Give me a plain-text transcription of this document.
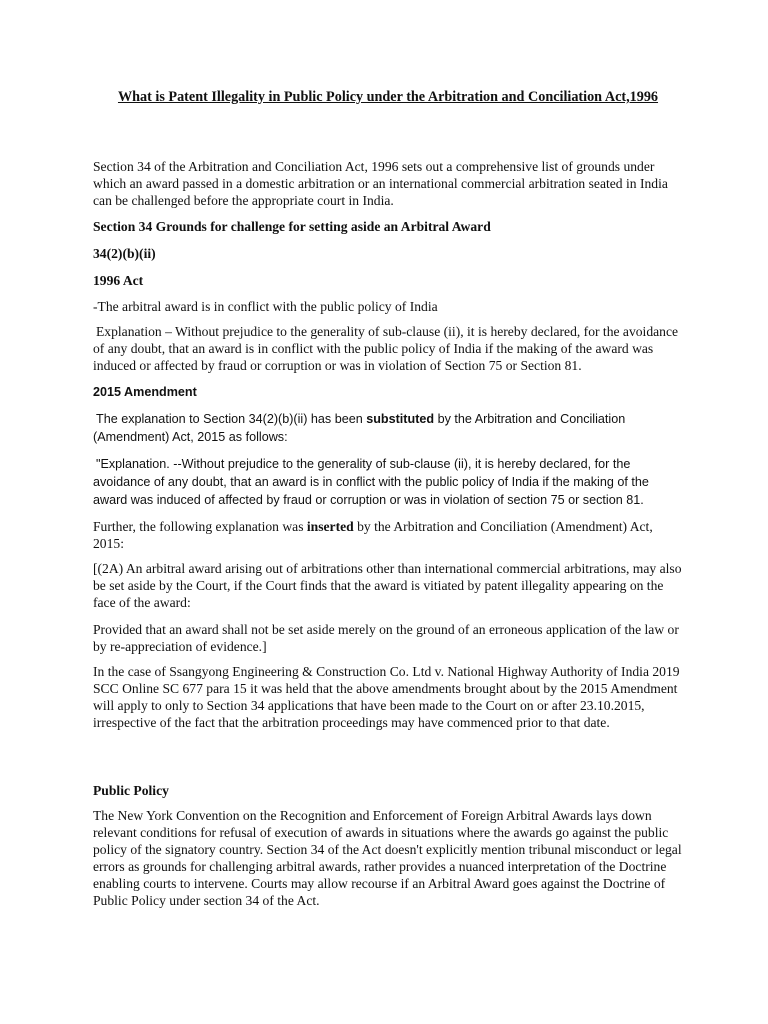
What is Patent Illegality in Public Policy under the Arbitration and Conciliation Act,1996

Section 34 of the Arbitration and Conciliation Act, 1996 sets out a comprehensive list of grounds under which an award passed in a domestic arbitration or an international commercial arbitration seated in India can be challenged before the appropriate court in India.

Section 34 Grounds for challenge for setting aside an Arbitral Award

34(2)(b)(ii)

1996 Act

-The arbitral award is in conflict with the public policy of India

Explanation – Without prejudice to the generality of sub-clause (ii), it is hereby declared, for the avoidance of any doubt, that an award is in conflict with the public policy of India if the making of the award was induced or affected by fraud or corruption or was in violation of Section 75 or Section 81.

2015 Amendment

The explanation to Section 34(2)(b)(ii) has been substituted by the Arbitration and Conciliation (Amendment) Act, 2015 as follows:

"Explanation. --Without prejudice to the generality of sub-clause (ii), it is hereby declared, for the avoidance of any doubt, that an award is in conflict with the public policy of India if the making of the award was induced of affected by fraud or corruption or was in violation of section 75 or section 81.

Further, the following explanation was inserted by the Arbitration and Conciliation (Amendment) Act, 2015:

[(2A) An arbitral award arising out of arbitrations other than international commercial arbitrations, may also be set aside by the Court, if the Court finds that the award is vitiated by patent illegality appearing on the face of the award:

Provided that an award shall not be set aside merely on the ground of an erroneous application of the law or by re-appreciation of evidence.]

In the case of Ssangyong Engineering & Construction Co. Ltd v. National Highway Authority of India 2019 SCC Online SC 677 para 15 it was held that the above amendments brought about by the 2015 Amendment will apply to only to Section 34 applications that have been made to the Court on or after 23.10.2015, irrespective of the fact that the arbitration proceedings may have commenced prior to that date.

Public Policy

The New York Convention on the Recognition and Enforcement of Foreign Arbitral Awards lays down relevant conditions for refusal of execution of awards in situations where the awards go against the public policy of the signatory country. Section 34 of the Act doesn't explicitly mention tribunal misconduct or legal errors as grounds for challenging arbitral awards, rather provides a nuanced interpretation of the Doctrine enabling courts to intervene. Courts may allow recourse if an Arbitral Award goes against the Doctrine of Public Policy under section 34 of the Act.
